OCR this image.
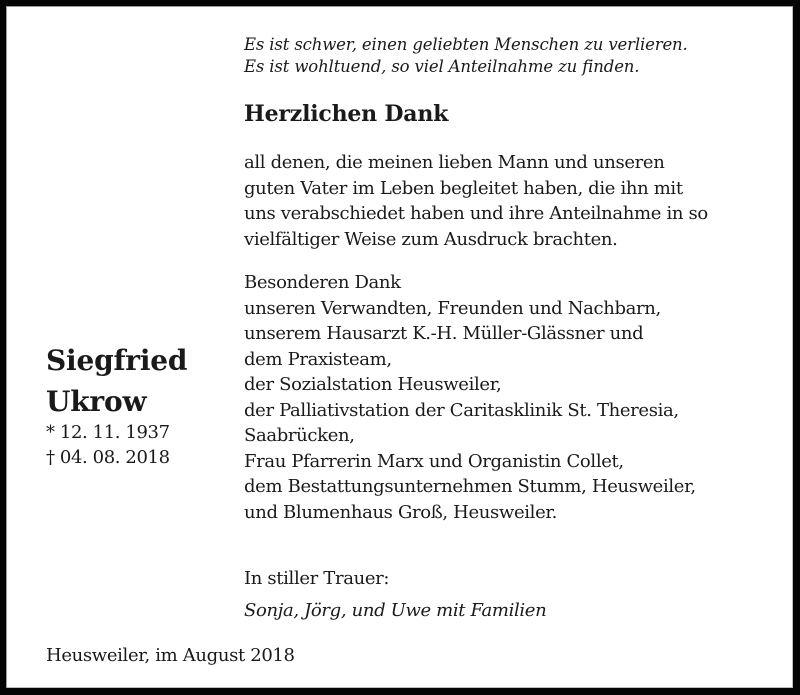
Es ist schwer, einen geliebten Menschen zu verlieren.
Es ist wohltuend, so viel Anteilnahme zu finden.
Herzlichen Dank
all denen, die meinen lieben Mann und unseren
guten Vater im Leben begleitet haben, die ihn mit
uns verabschiedet haben und ihre Anteilnahme in so
vielfältiger Weise zum Ausdruck brachten.
Besonderen Dank
unseren Verwandten, Freunden und Nachbarn,
unserem Hausarzt K.-H. Müller-Glässner und
dem Praxisteam,
der Sozialstation Heusweiler,
der Palliativstation der Caritasklinik St. Theresia,
Saabrücken,
Frau Pfarrerin Marx und Organistin Collet,
dem Bestattungsunternehmen Stumm, Heusweiler,
und Blumenhaus Groß, Heusweiler.
Siegfried
Ukrow
* 12. 11. 1937
† 04. 08. 2018
In stiller Trauer:
Sonja, Jörg, und Uwe mit Familien
Heusweiler, im August 2018
